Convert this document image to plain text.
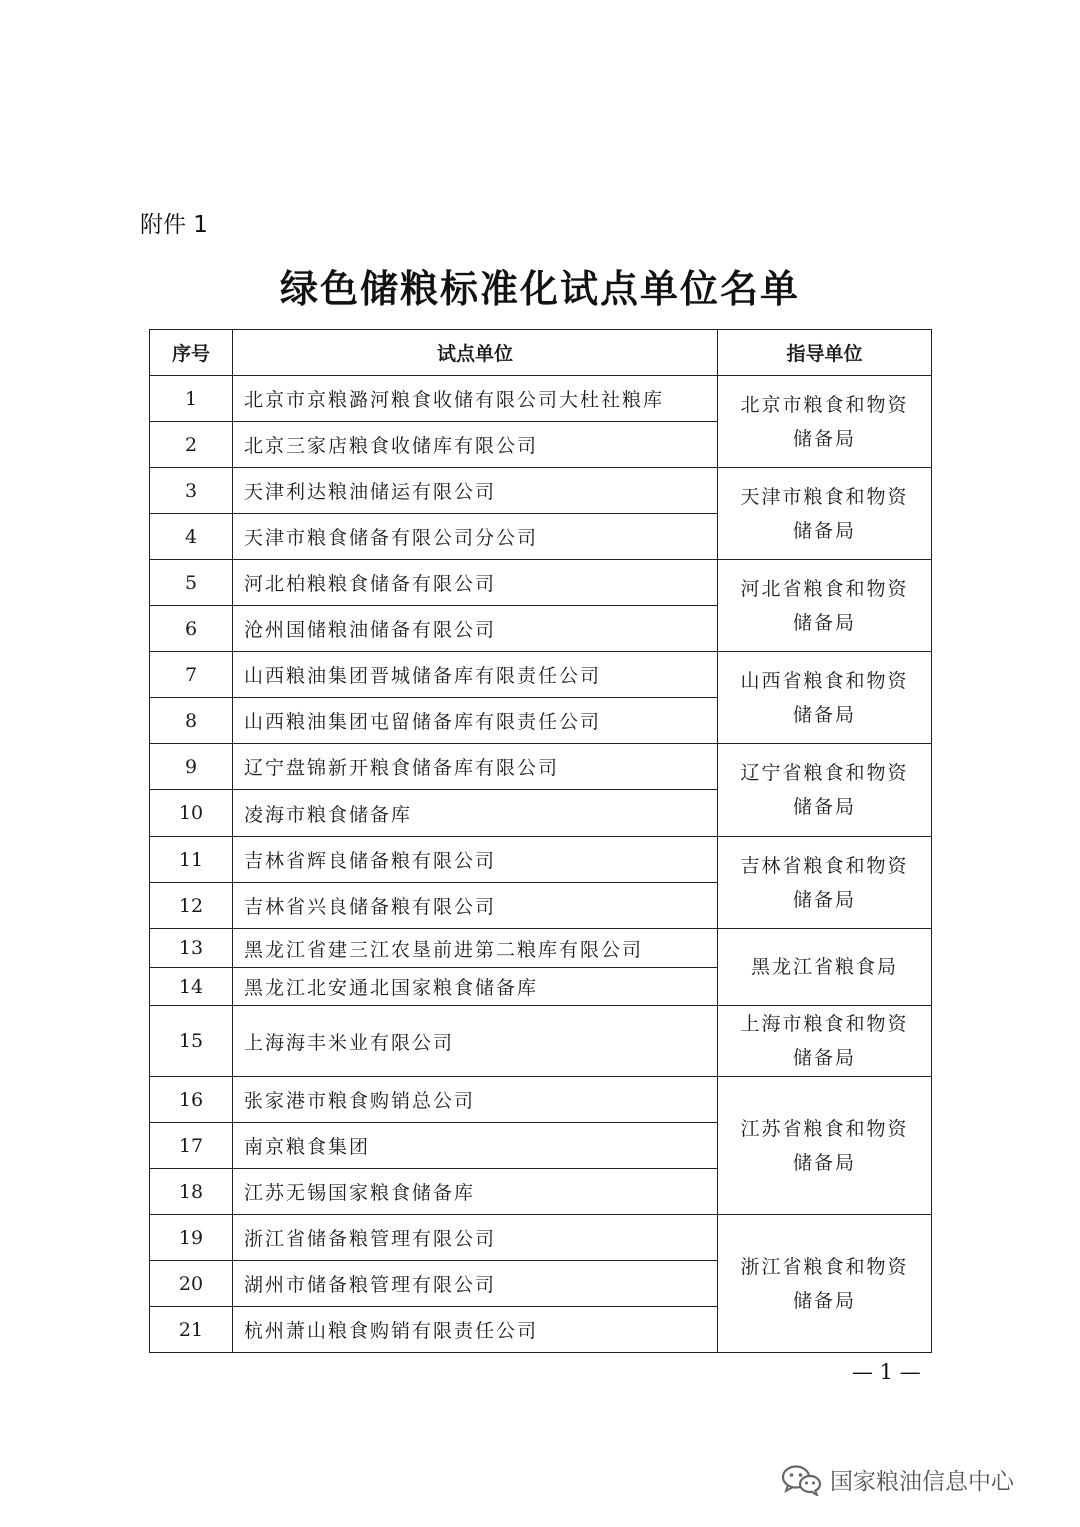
附件 1
绿色储粮标准化试点单位名单
序号	试点单位	指导单位
1	北京市京粮潞河粮食收储有限公司大杜社粮库	北京市粮食和物资储备局
2	北京三家店粮食收储库有限公司	
3	天津利达粮油储运有限公司	天津市粮食和物资储备局
4	天津市粮食储备有限公司分公司	
5	河北柏粮粮食储备有限公司	河北省粮食和物资储备局
6	沧州国储粮油储备有限公司	
7	山西粮油集团晋城储备库有限责任公司	山西省粮食和物资储备局
8	山西粮油集团屯留储备库有限责任公司	
9	辽宁盘锦新开粮食储备库有限公司	辽宁省粮食和物资储备局
10	凌海市粮食储备库	
11	吉林省辉良储备粮有限公司	吉林省粮食和物资储备局
12	吉林省兴良储备粮有限公司	
13	黑龙江省建三江农垦前进第二粮库有限公司	黑龙江省粮食局
14	黑龙江北安通北国家粮食储备库	
15	上海海丰米业有限公司	上海市粮食和物资储备局
16	张家港市粮食购销总公司	江苏省粮食和物资储备局
17	南京粮食集团	
18	江苏无锡国家粮食储备库	
19	浙江省储备粮管理有限公司	浙江省粮食和物资储备局
20	湖州市储备粮管理有限公司	
21	杭州萧山粮食购销有限责任公司	
— 1 —
国家粮油信息中心
